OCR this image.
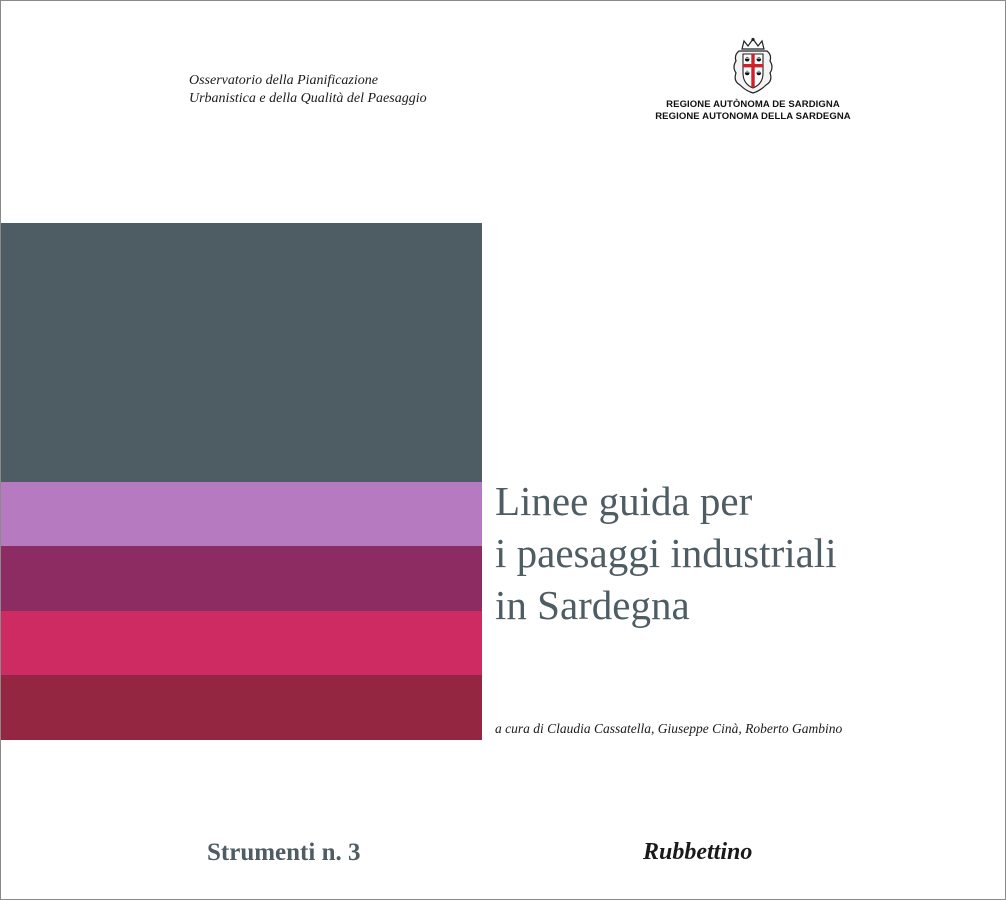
Osservatorio della Pianificazione
Urbanistica e della Qualità del Paesaggio	REGIONE AUTÒNOMA DE SARDIGNA
REGIONE AUTONOMA DELLA SARDEGNA
Linee guida per
i paesaggi industriali
in Sardegna
a cura di Claudia Cassatella, Giuseppe Cinà, Roberto Gambino
Strumenti n. 3	Rubbettino
